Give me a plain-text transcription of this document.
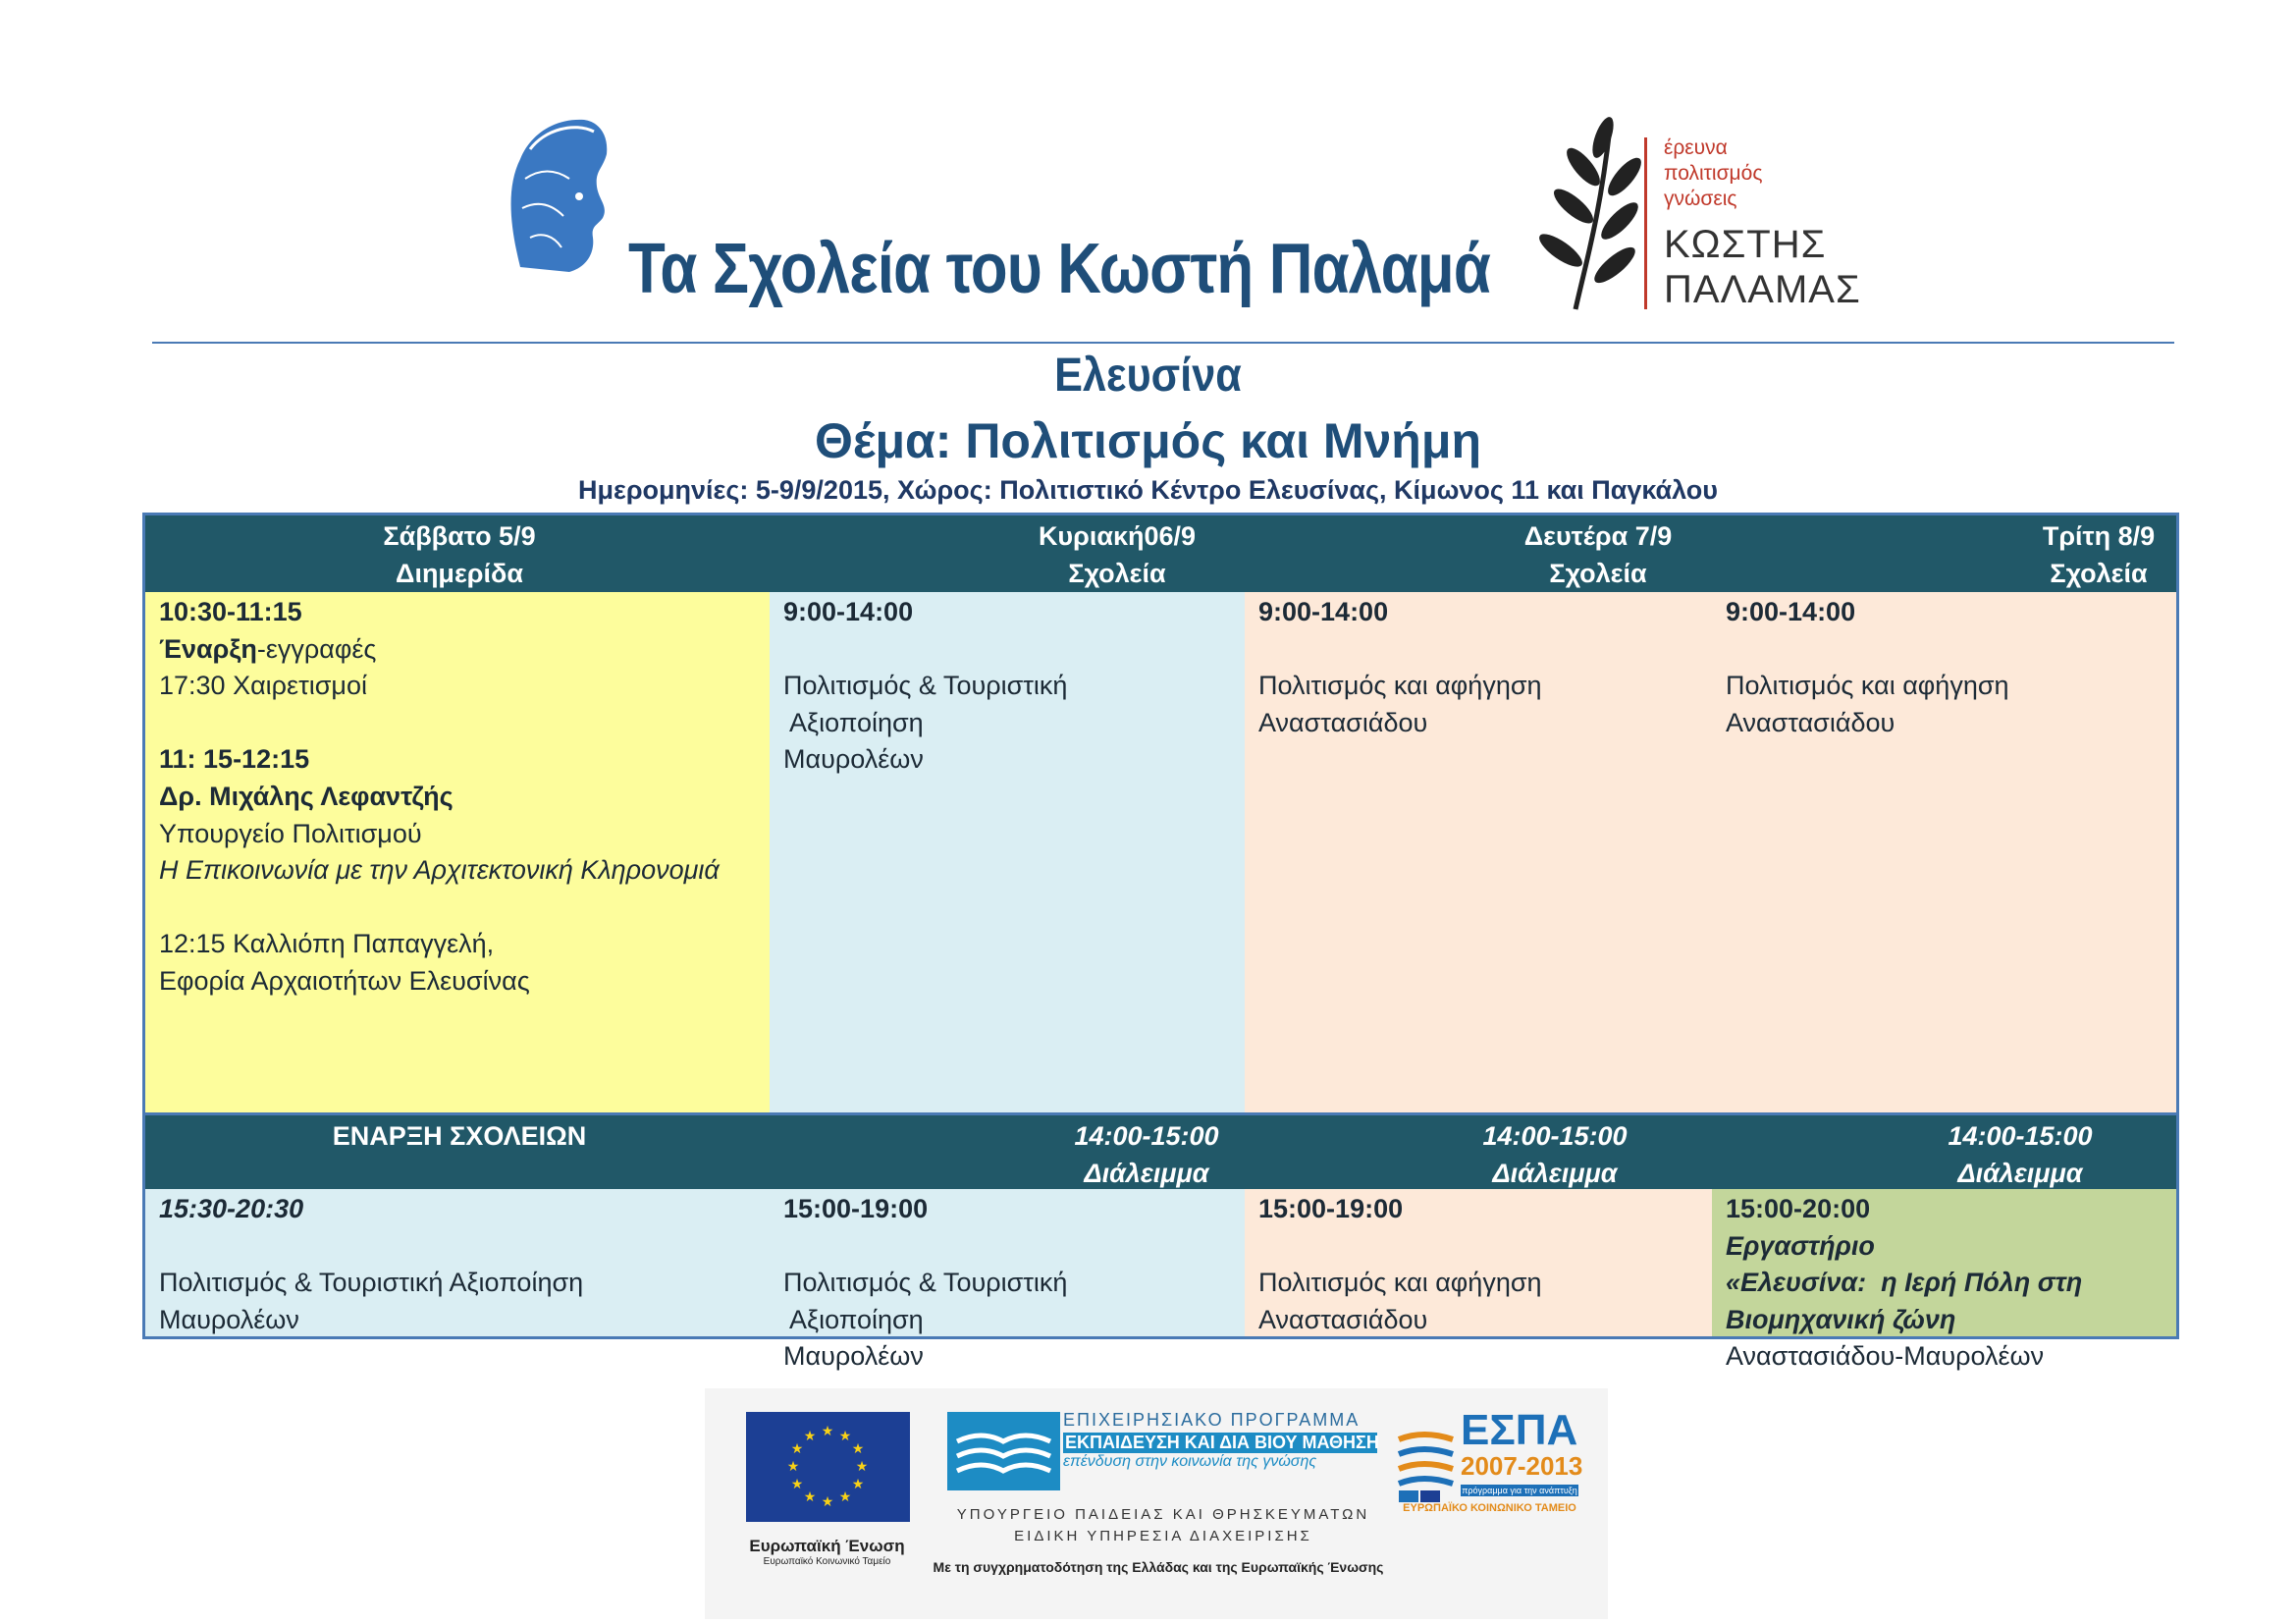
Τα Σχολεία του Κωστή Παλαμά
έρευνα
πολιτισμός
γνώσεις
ΚΩΣΤΗΣ
ΠΑΛΑΜΑΣ
Ελευσίνα
Θέμα: Πολιτισμός και Μνήμη
Ημερομηνίες: 5-9/9/2015, Χώρος: Πολιτιστικό Κέντρο Ελευσίνας, Κίμωνος 11 και Παγκάλου
Σάββατο 5/9
Διημερίδα
Κυριακή06/9
Σχολεία
Δευτέρα 7/9
Σχολεία
Τρίτη 8/9
Σχολεία
10:30-11:15
Έναρξη-εγγραφές
17:30 Χαιρετισμοί
11: 15-12:15
Δρ. Μιχάλης Λεφαντζής
Υπουργείο Πολιτισμού
Η Επικοινωνία με την Αρχιτεκτονική Κληρονομιά
12:15 Καλλιόπη Παπαγγελή,
Εφορία Αρχαιοτήτων Ελευσίνας
9:00-14:00
Πολιτισμός & Τουριστική
Αξιοποίηση
Μαυρολέων
9:00-14:00
Πολιτισμός και αφήγηση
Αναστασιάδου
9:00-14:00
Πολιτισμός και αφήγηση
Αναστασιάδου
ΕΝΑΡΞΗ ΣΧΟΛΕΙΩΝ	14:00-15:00
Διάλειμμα
14:00-15:00
Διάλειμμα
14:00-15:00
Διάλειμμα
15:30-20:30
Πολιτισμός & Τουριστική Αξιοποίηση
Μαυρολέων
15:00-19:00
Πολιτισμός & Τουριστική
Αξιοποίηση
Μαυρολέων
15:00-19:00
Πολιτισμός και αφήγηση
Αναστασιάδου
15:00-20:00
Εργαστήριο
«Ελευσίνα:  η Ιερή Πόλη στη
Βιομηχανική ζώνη
Αναστασιάδου-Μαυρολέων
★ ★
★
★
★
★
★
★
★
★
★
★
Ευρωπαϊκή Ένωση
Ευρωπαϊκό Κοινωνικό Ταμείο
ΕΠΙΧΕΙΡΗΣΙΑΚΟ ΠΡΟΓΡΑΜΜΑ
ΕΚΠΑΙΔΕΥΣΗ ΚΑΙ ΔΙΑ ΒΙΟΥ ΜΑΘΗΣΗ
επένδυση στην κοινωνία της γνώσης
ΥΠΟΥΡΓΕΙΟ ΠΑΙΔΕΙΑΣ ΚΑΙ ΘΡΗΣΚΕΥΜΑΤΩΝ
ΕΙΔΙΚΗ ΥΠΗΡΕΣΙΑ ΔΙΑΧΕΙΡΙΣΗΣ
Με τη συγχρηματοδότηση της Ελλάδας και της Ευρωπαϊκής Ένωσης
ΕΣΠΑ
2007-2013
πρόγραμμα για την ανάπτυξη
ΕΥΡΩΠΑΪΚΟ ΚΟΙΝΩΝΙΚΟ ΤΑΜΕΙΟ
